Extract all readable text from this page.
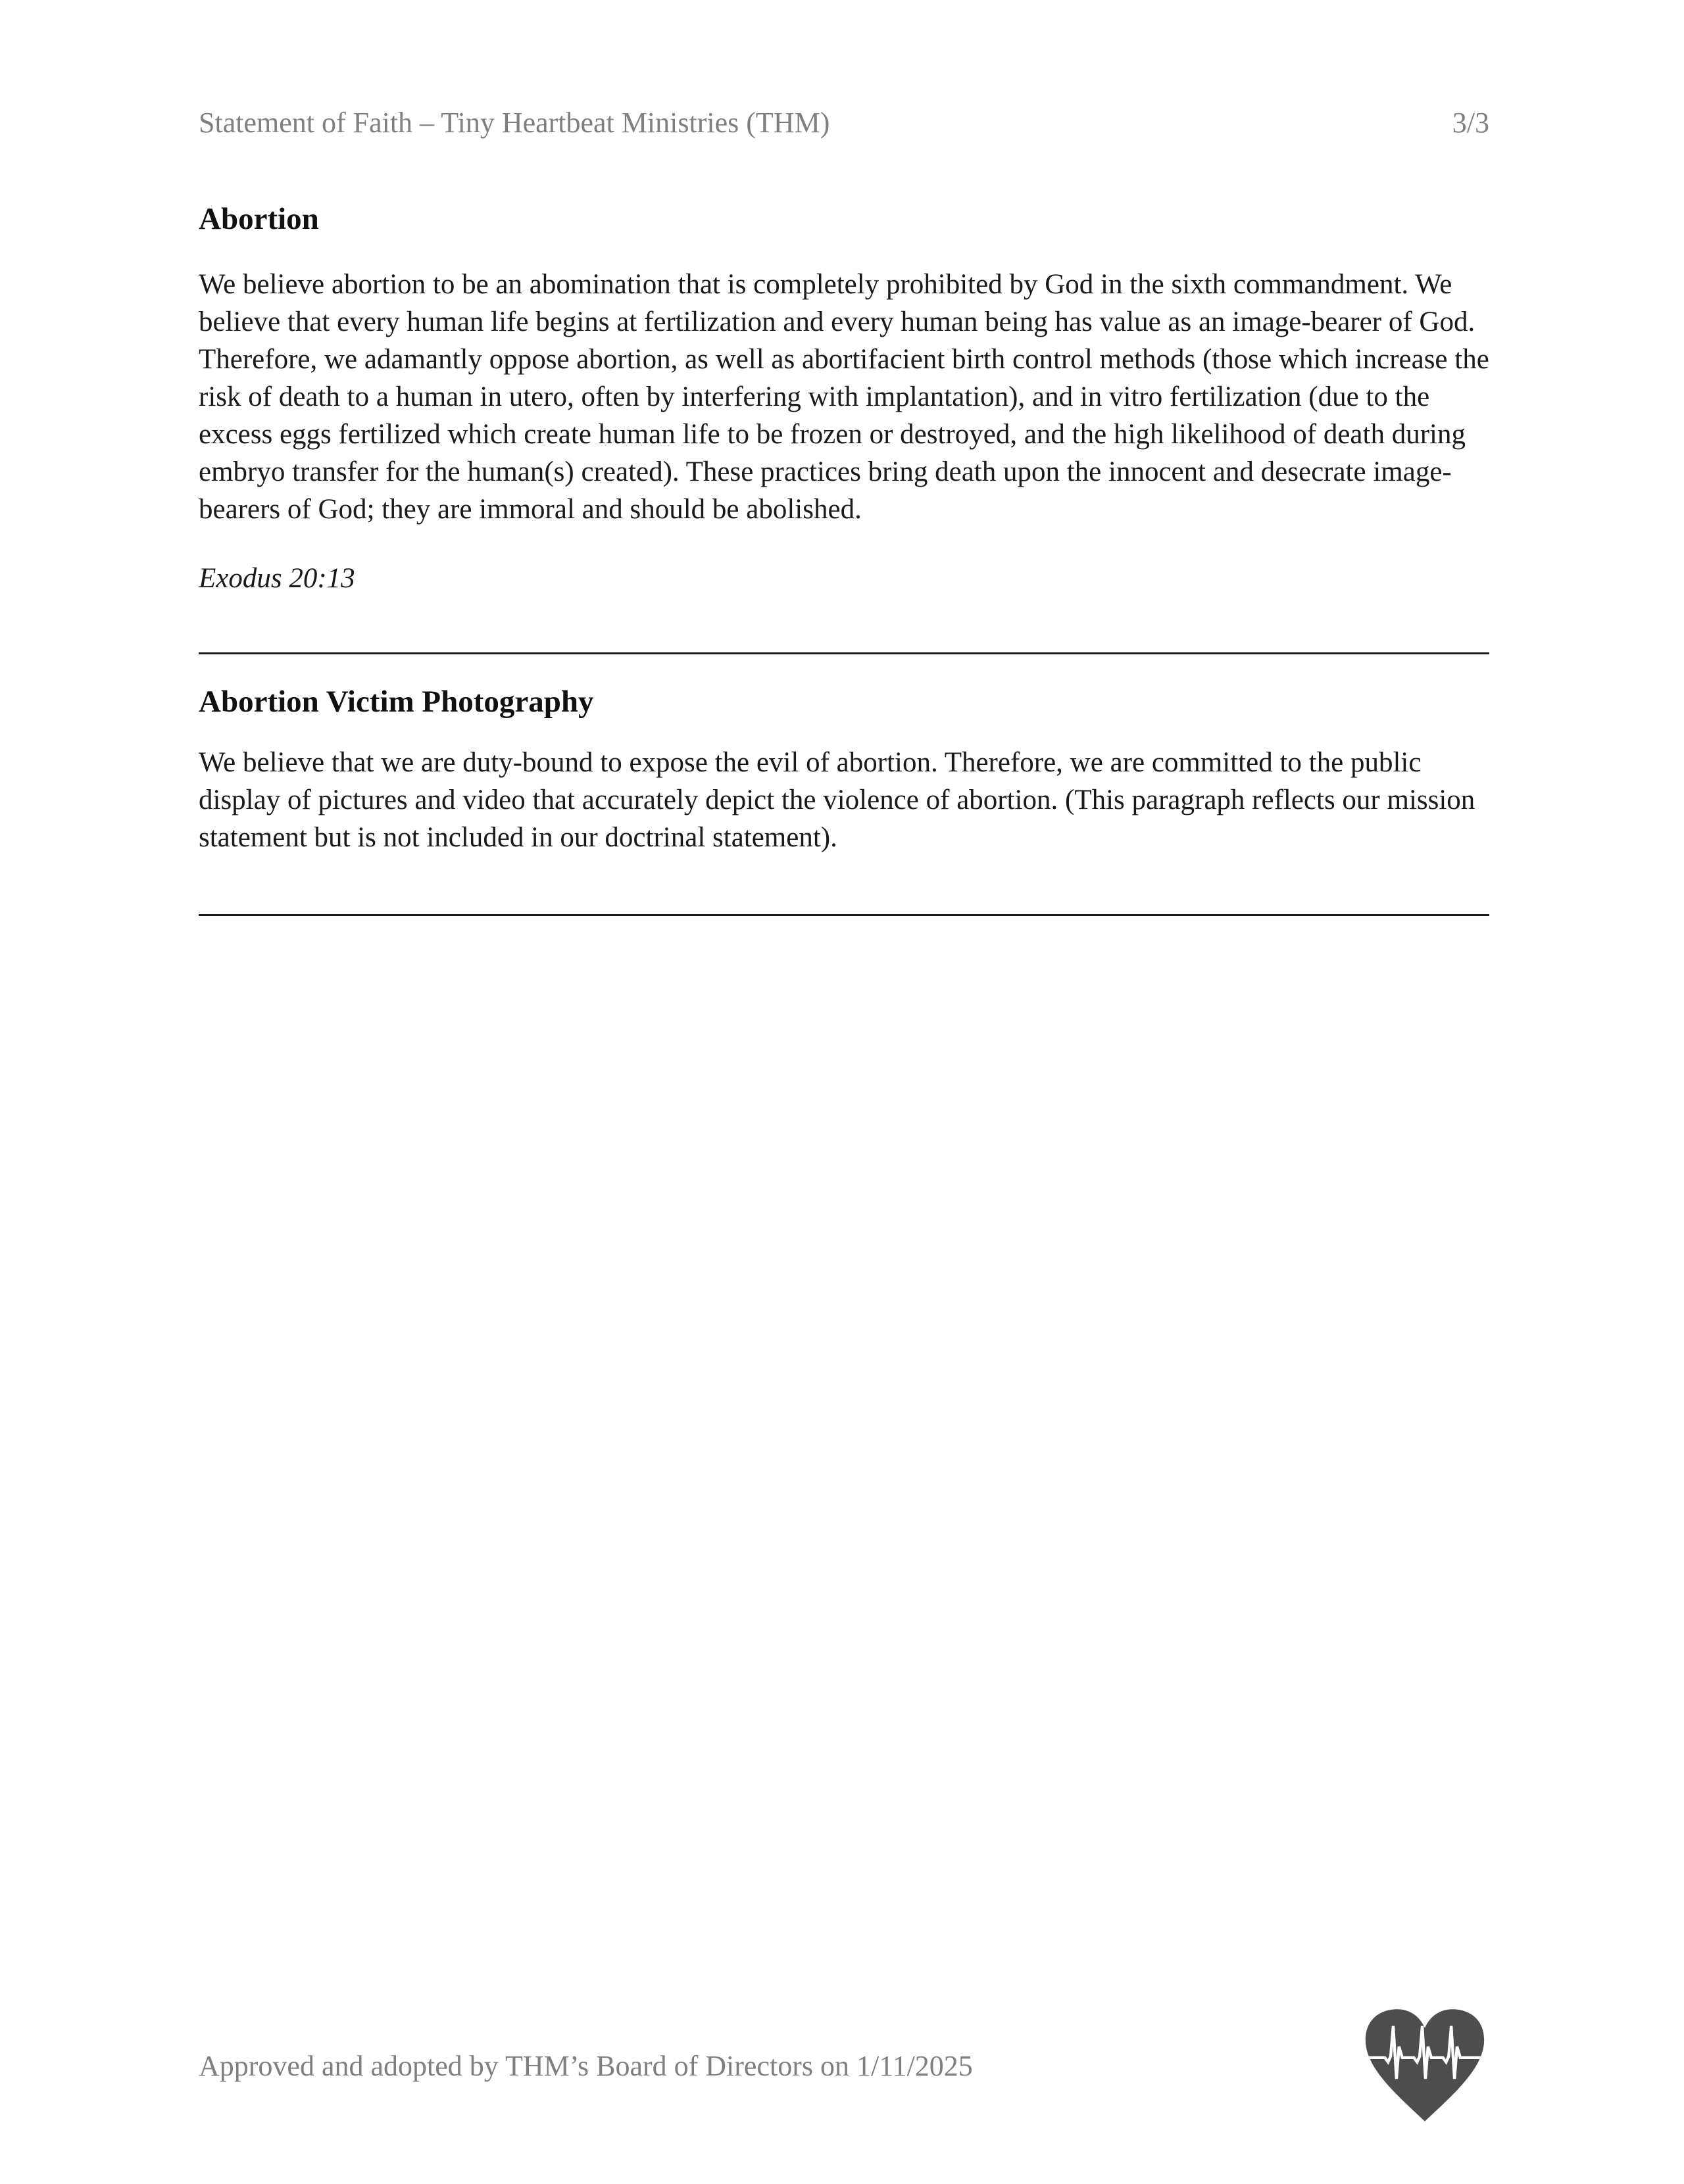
Statement of Faith – Tiny Heartbeat Ministries (THM)	3/3
Abortion

We believe abortion to be an abomination that is completely prohibited by God in the sixth commandment. We believe that every human life begins at fertilization and every human being has value as an image-bearer of God. Therefore, we adamantly oppose abortion, as well as abortifacient birth control methods (those which increase the risk of death to a human in utero, often by interfering with implantation), and in vitro fertilization (due to the excess eggs fertilized which create human life to be frozen or destroyed, and the high likelihood of death during embryo transfer for the human(s) created). These practices bring death upon the innocent and desecrate image-bearers of God; they are immoral and should be abolished.

Exodus 20:13

Abortion Victim Photography

We believe that we are duty-bound to expose the evil of abortion. Therefore, we are committed to the public display of pictures and video that accurately depict the violence of abortion. (This paragraph reflects our mission statement but is not included in our doctrinal statement).

Approved and adopted by THM’s Board of Directors on 1/11/2025
